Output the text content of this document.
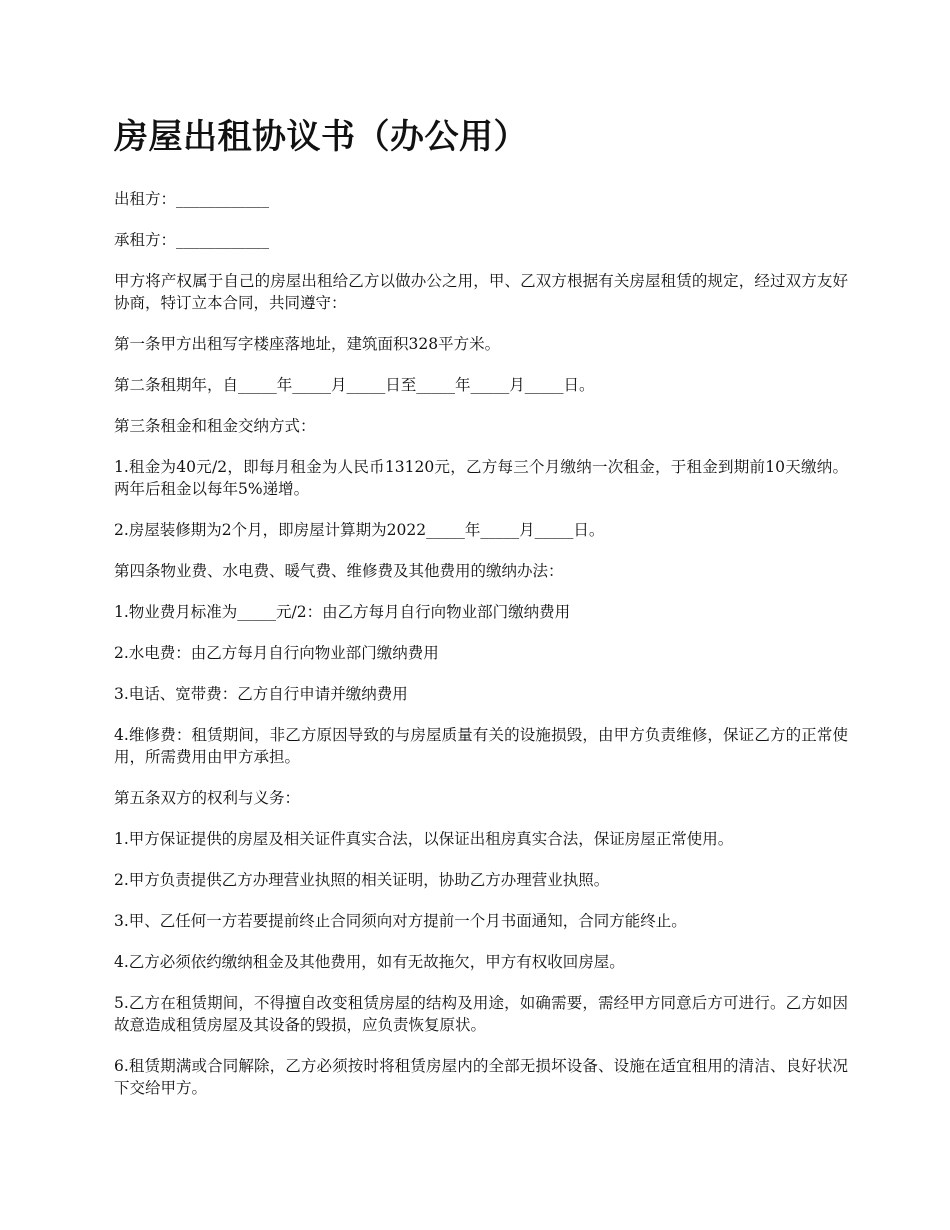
房屋出租协议书（办公用）

出租方：____________

承租方：____________

甲方将产权属于自己的房屋出租给乙方以做办公之用，甲、乙双方根据有关房屋租赁的规定，经过双方友好协商，特订立本合同，共同遵守：

第一条甲方出租写字楼座落地址，建筑面积328平方米。

第二条租期年，自_____年_____月_____日至_____年_____月_____日。

第三条租金和租金交纳方式：

1.租金为40元/2，即每月租金为人民币13120元，乙方每三个月缴纳一次租金，于租金到期前10天缴纳。两年后租金以每年5%递增。

2.房屋装修期为2个月，即房屋计算期为2022_____年_____月_____日。

第四条物业费、水电费、暖气费、维修费及其他费用的缴纳办法：

1.物业费月标准为_____元/2：由乙方每月自行向物业部门缴纳费用

2.水电费：由乙方每月自行向物业部门缴纳费用

3.电话、宽带费：乙方自行申请并缴纳费用

4.维修费：租赁期间，非乙方原因导致的与房屋质量有关的设施损毁，由甲方负责维修，保证乙方的正常使用，所需费用由甲方承担。

第五条双方的权利与义务：

1.甲方保证提供的房屋及相关证件真实合法，以保证出租房真实合法，保证房屋正常使用。

2.甲方负责提供乙方办理营业执照的相关证明，协助乙方办理营业执照。

3.甲、乙任何一方若要提前终止合同须向对方提前一个月书面通知，合同方能终止。

4.乙方必须依约缴纳租金及其他费用，如有无故拖欠，甲方有权收回房屋。

5.乙方在租赁期间，不得擅自改变租赁房屋的结构及用途，如确需要，需经甲方同意后方可进行。乙方如因故意造成租赁房屋及其设备的毁损，应负责恢复原状。

6.租赁期满或合同解除，乙方必须按时将租赁房屋内的全部无损坏设备、设施在适宜租用的清洁、良好状况下交给甲方。
